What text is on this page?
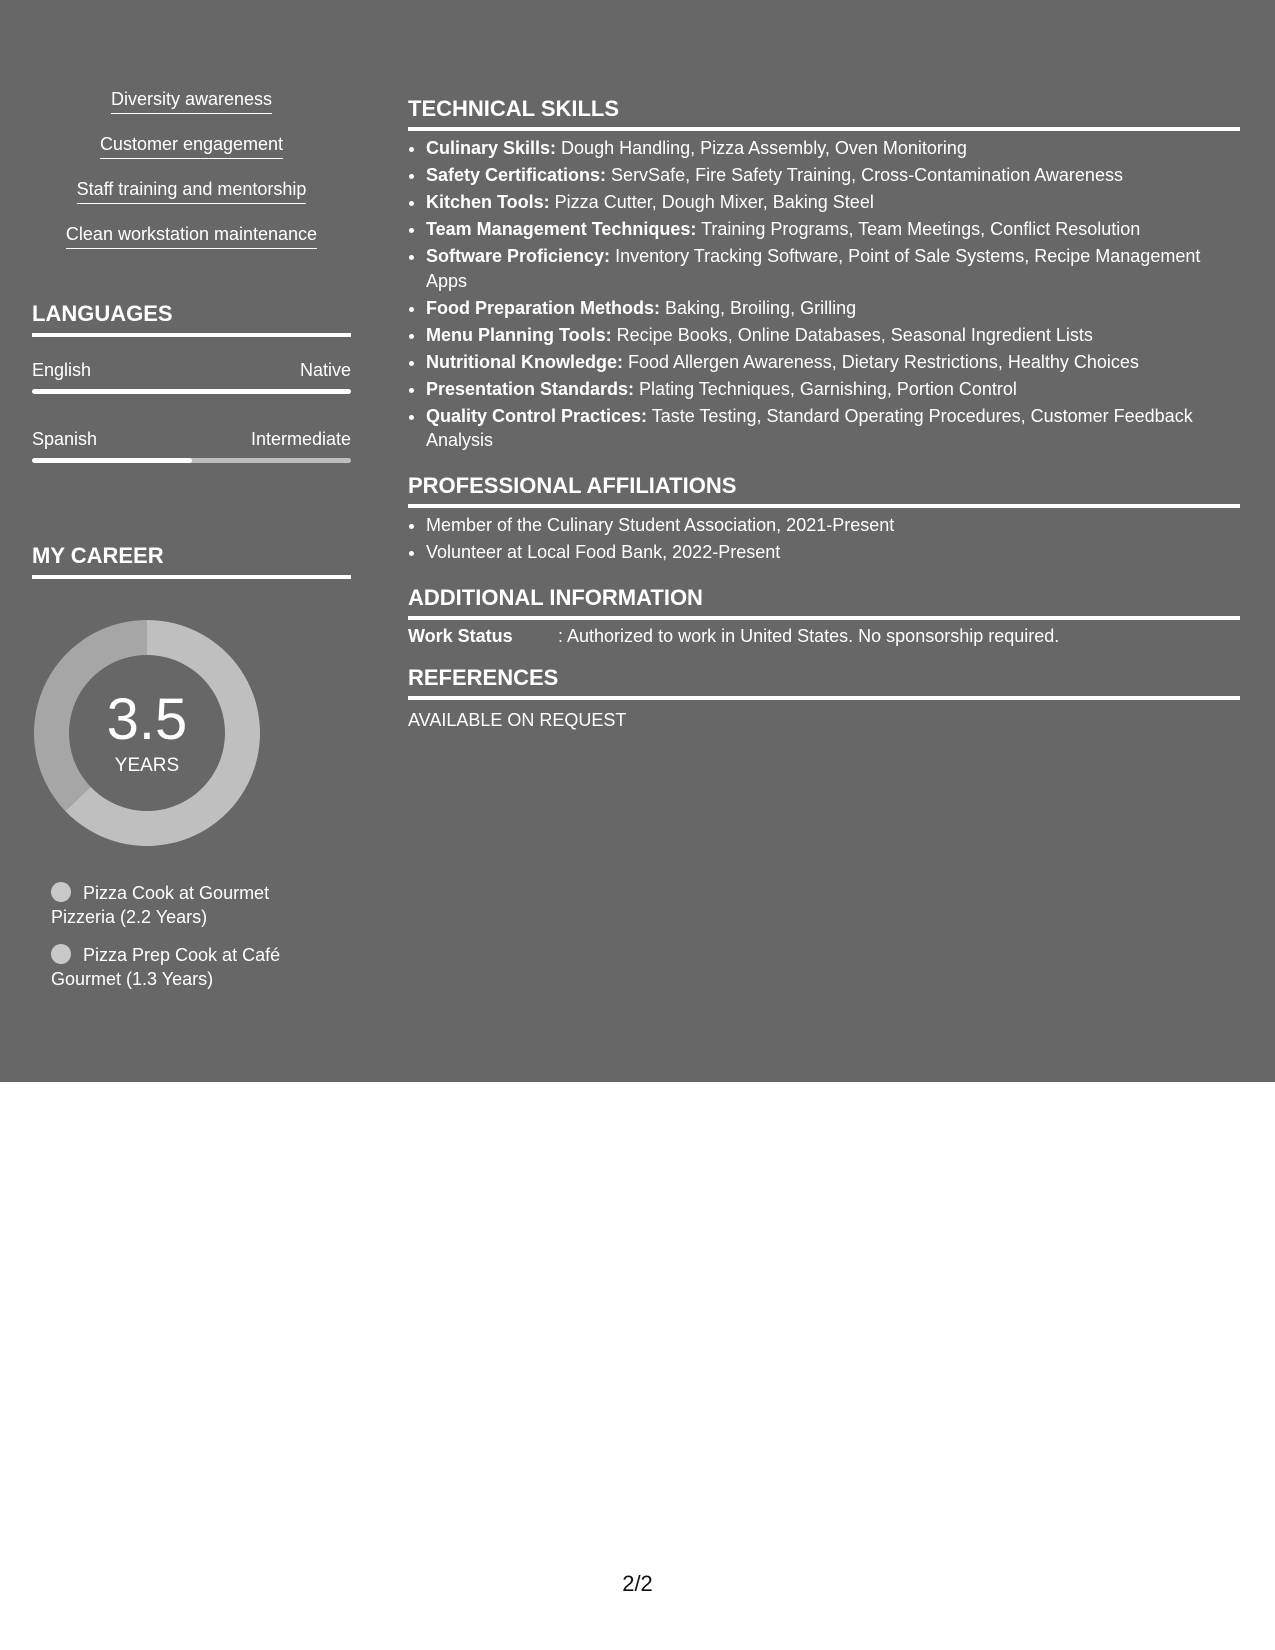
Diversity awareness
Customer engagement
Staff training and mentorship
Clean workstation maintenance
LANGUAGES
English	Native
Spanish	Intermediate
MY CAREER
3.5
YEARS
Pizza Cook at Gourmet Pizzeria (2.2 Years)
Pizza Prep Cook at Café Gourmet (1.3 Years)
TECHNICAL SKILLS
• Culinary Skills: Dough Handling, Pizza Assembly, Oven Monitoring
• Safety Certifications: ServSafe, Fire Safety Training, Cross-Contamination Awareness
• Kitchen Tools: Pizza Cutter, Dough Mixer, Baking Steel
• Team Management Techniques: Training Programs, Team Meetings, Conflict Resolution
• Software Proficiency: Inventory Tracking Software, Point of Sale Systems, Recipe Management Apps
• Food Preparation Methods: Baking, Broiling, Grilling
• Menu Planning Tools: Recipe Books, Online Databases, Seasonal Ingredient Lists
• Nutritional Knowledge: Food Allergen Awareness, Dietary Restrictions, Healthy Choices
• Presentation Standards: Plating Techniques, Garnishing, Portion Control
• Quality Control Practices: Taste Testing, Standard Operating Procedures, Customer Feedback Analysis
PROFESSIONAL AFFILIATIONS
• Member of the Culinary Student Association, 2021-Present
• Volunteer at Local Food Bank, 2022-Present
ADDITIONAL INFORMATION
Work Status	: Authorized to work in United States. No sponsorship required.
REFERENCES
AVAILABLE ON REQUEST
2/2
